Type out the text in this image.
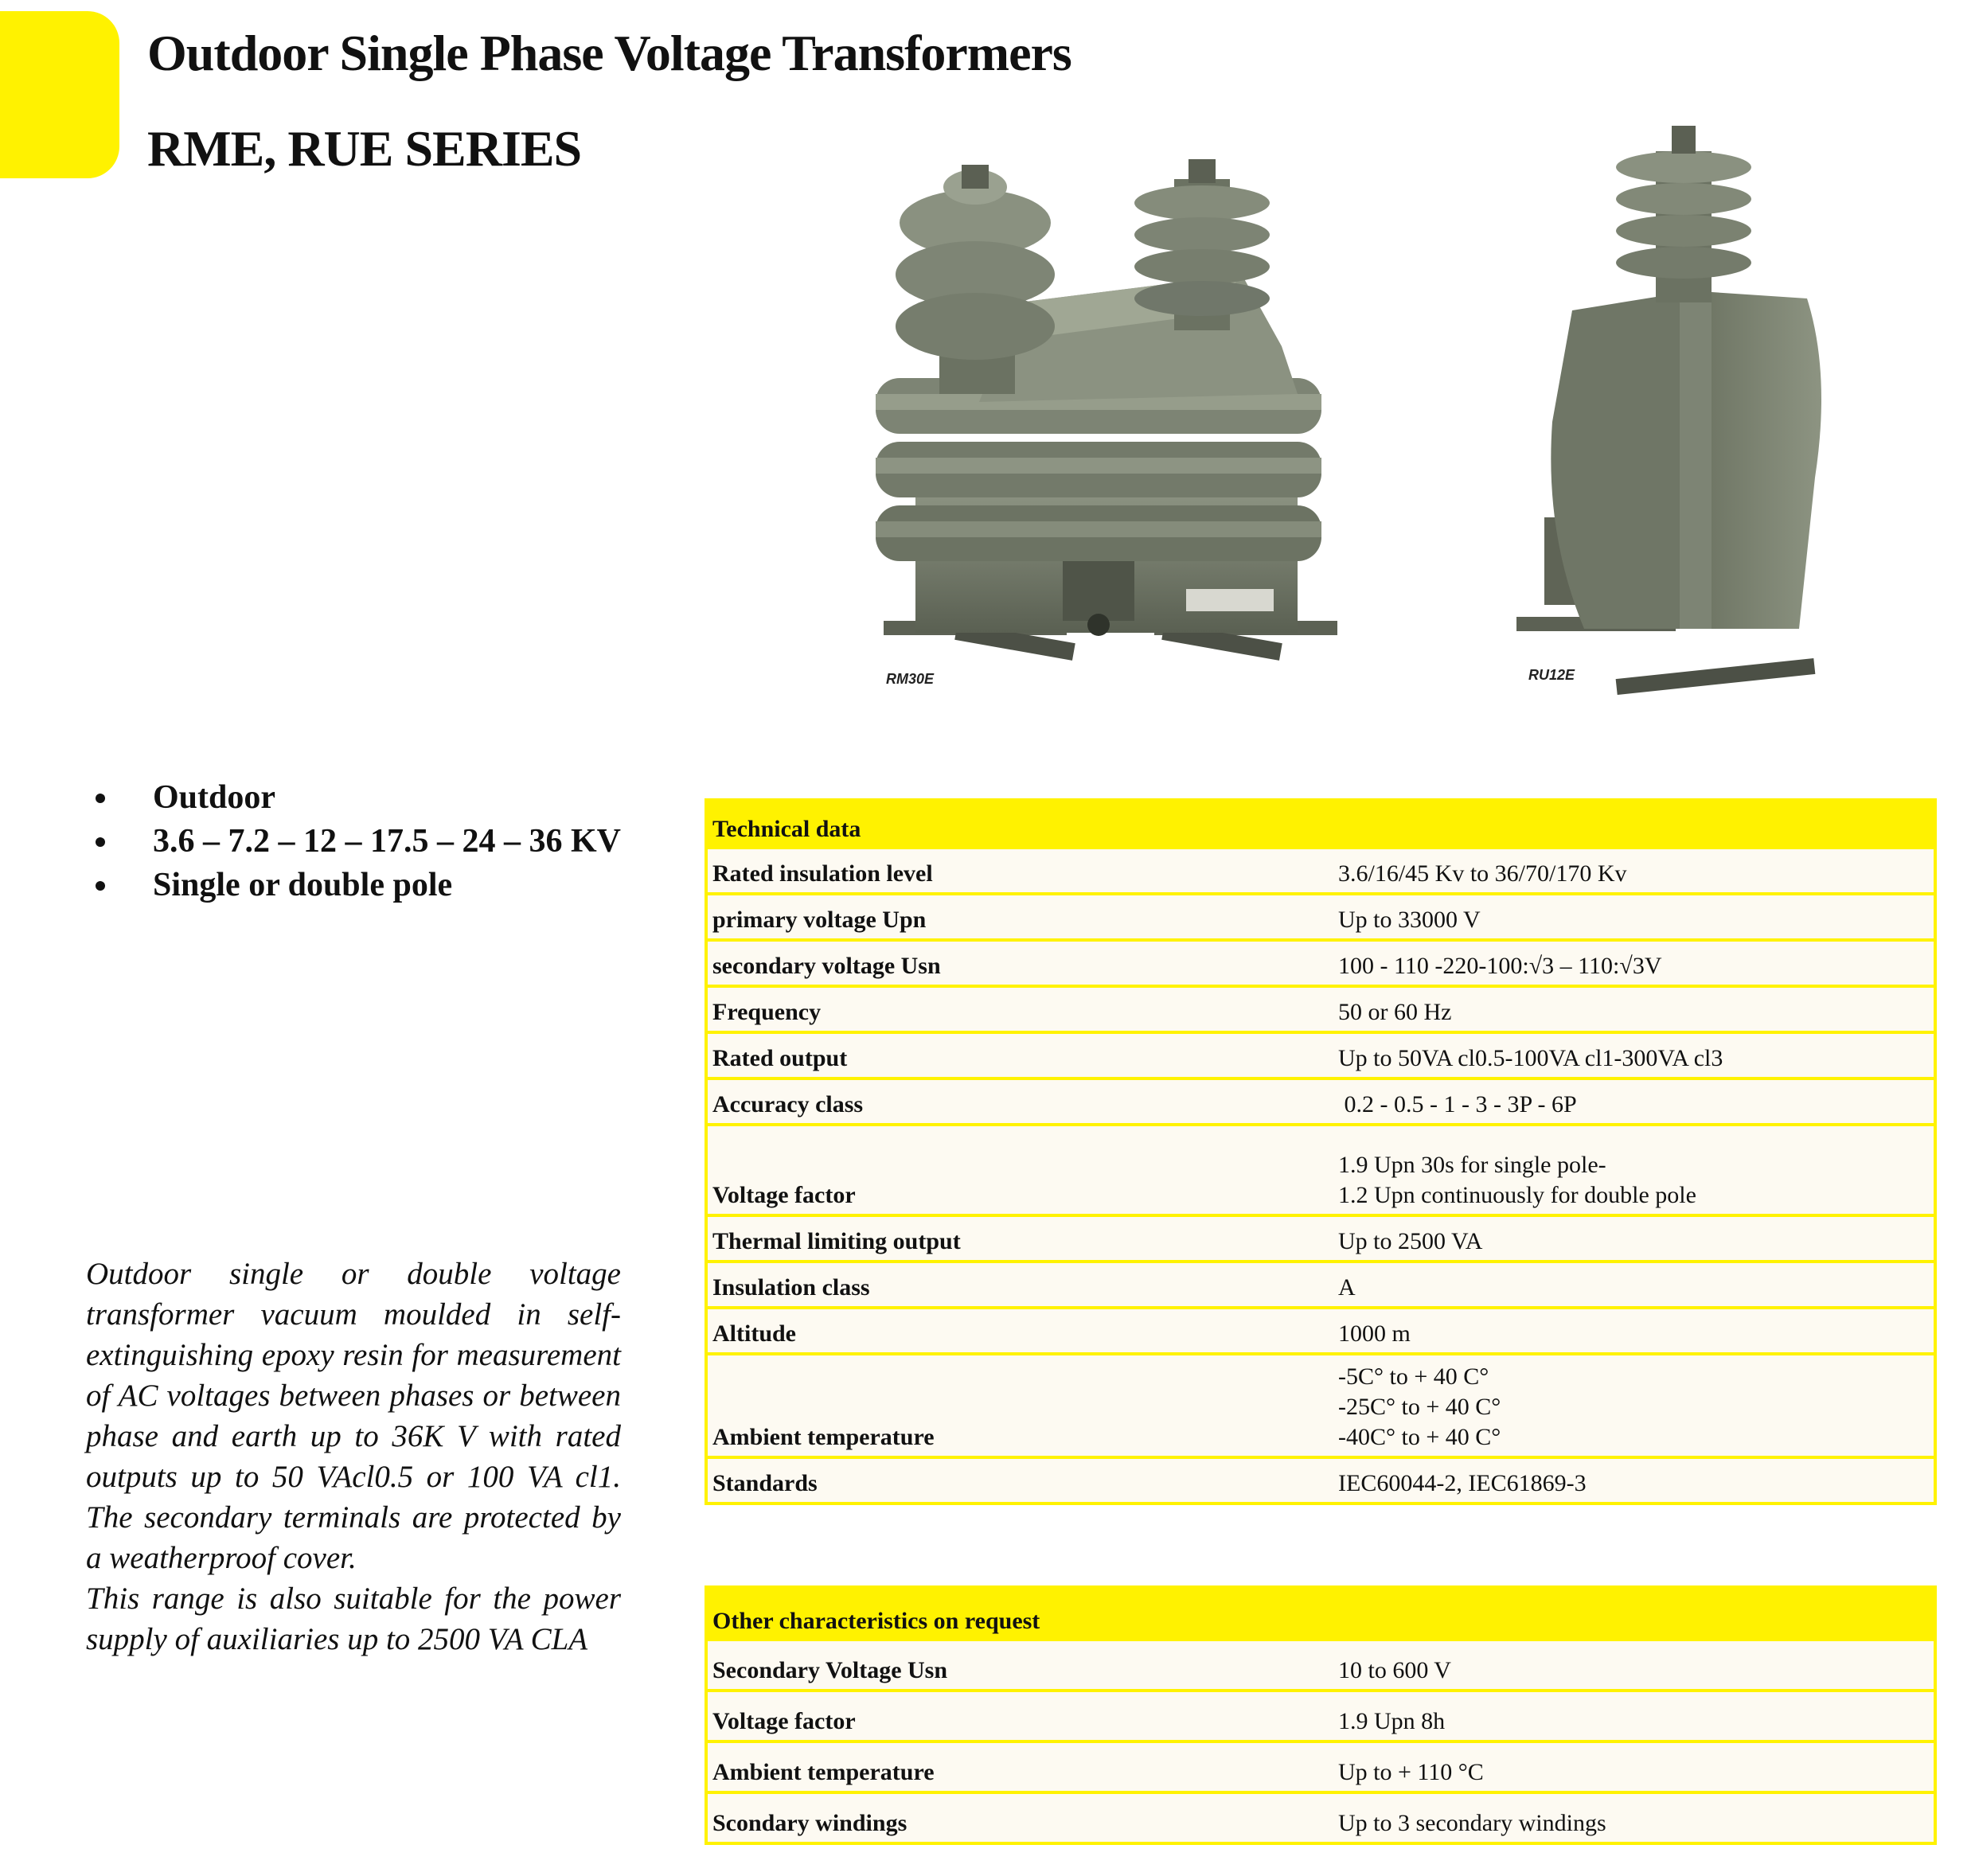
Outdoor Single Phase Voltage Transformers
RME, RUE SERIES
RM30E	RU12E
Outdoor
3.6 – 7.2 – 12 – 17.5 – 24 – 36 KV
Single or double pole

Outdoor single or double voltage transformer vacuum moulded in self-extinguishing epoxy resin for measurement of AC voltages between phases or between phase and earth up to 36K V with rated outputs up to 50 VAcl0.5 or 100 VA cl1. The secondary terminals are protected by a weatherproof cover.

This range is also suitable for the power supply of auxiliaries up to 2500 VA CLA

Technical data	
Rated insulation level	3.6/16/45 Kv to 36/70/170 Kv
primary voltage Upn	Up to 33000 V
secondary voltage Usn	100 - 110 -220-100:√3 – 110:√3V
Frequency	50 or 60 Hz
Rated output	Up to 50VA cl0.5-100VA cl1-300VA cl3
Accuracy class	0.2 - 0.5 - 1 - 3 - 3P - 6P
Voltage factor	1.9 Upn 30s for single pole-
1.2 Upn continuously for double pole

Thermal limiting output	Up to 2500 VA
Insulation class	A
Altitude	1000 m
Ambient temperature	-5C° to + 40 C°
-25C° to + 40 C°
-40C° to + 40 C°

Standards	IEC60044-2, IEC61869-3
Other characteristics on request	
Secondary Voltage Usn	10 to 600 V
Voltage factor	1.9 Upn 8h
Ambient temperature	Up to + 110 °C
Scondary windings	Up to 3 secondary windings
